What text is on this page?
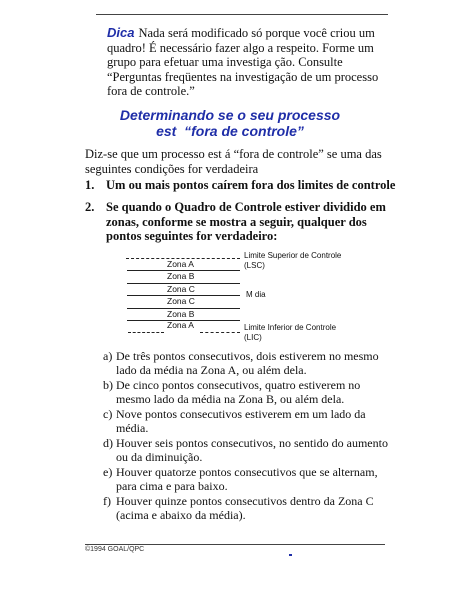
Dica Nada será modificado só porque você criou um quadro! É necessário fazer algo a respeito. Forme um grupo para efetuar uma investiga ção. Consulte “Perguntas freqüentes na investigação de um processo fora de controle.”
Determinando se o seu processo
est  “fora de controle”
Diz-se que um processo est á “fora de controle” se uma das seguintes condições for verdadeira
1. Um ou mais pontos caírem fora dos limites de controle
2. Se quando o Quadro de Controle estiver dividido em zonas, conforme se mostra a seguir, qualquer dos pontos seguintes for verdadeiro:
Limite Superior de Controle
(LSC)
Zona A
Zona B
Zona C
M dia
Zona C
Zona B
Zona A	Limite Inferior de Controle
(LIC)
a) De três pontos consecutivos, dois estiverem no mesmo lado da média na Zona A, ou além dela.
b) De cinco pontos consecutivos, quatro estiverem no mesmo lado da média na Zona B, ou além dela.
c) Nove pontos consecutivos estiverem em um lado da média.
d) Houver seis pontos consecutivos, no sentido do aumento ou da diminuição.
e) Houver quatorze pontos consecutivos que se alternam, para cima e para baixo.
f) Houver quinze pontos consecutivos dentro da Zona C (acima e abaixo da média).
©1994 GOAL/QPC
